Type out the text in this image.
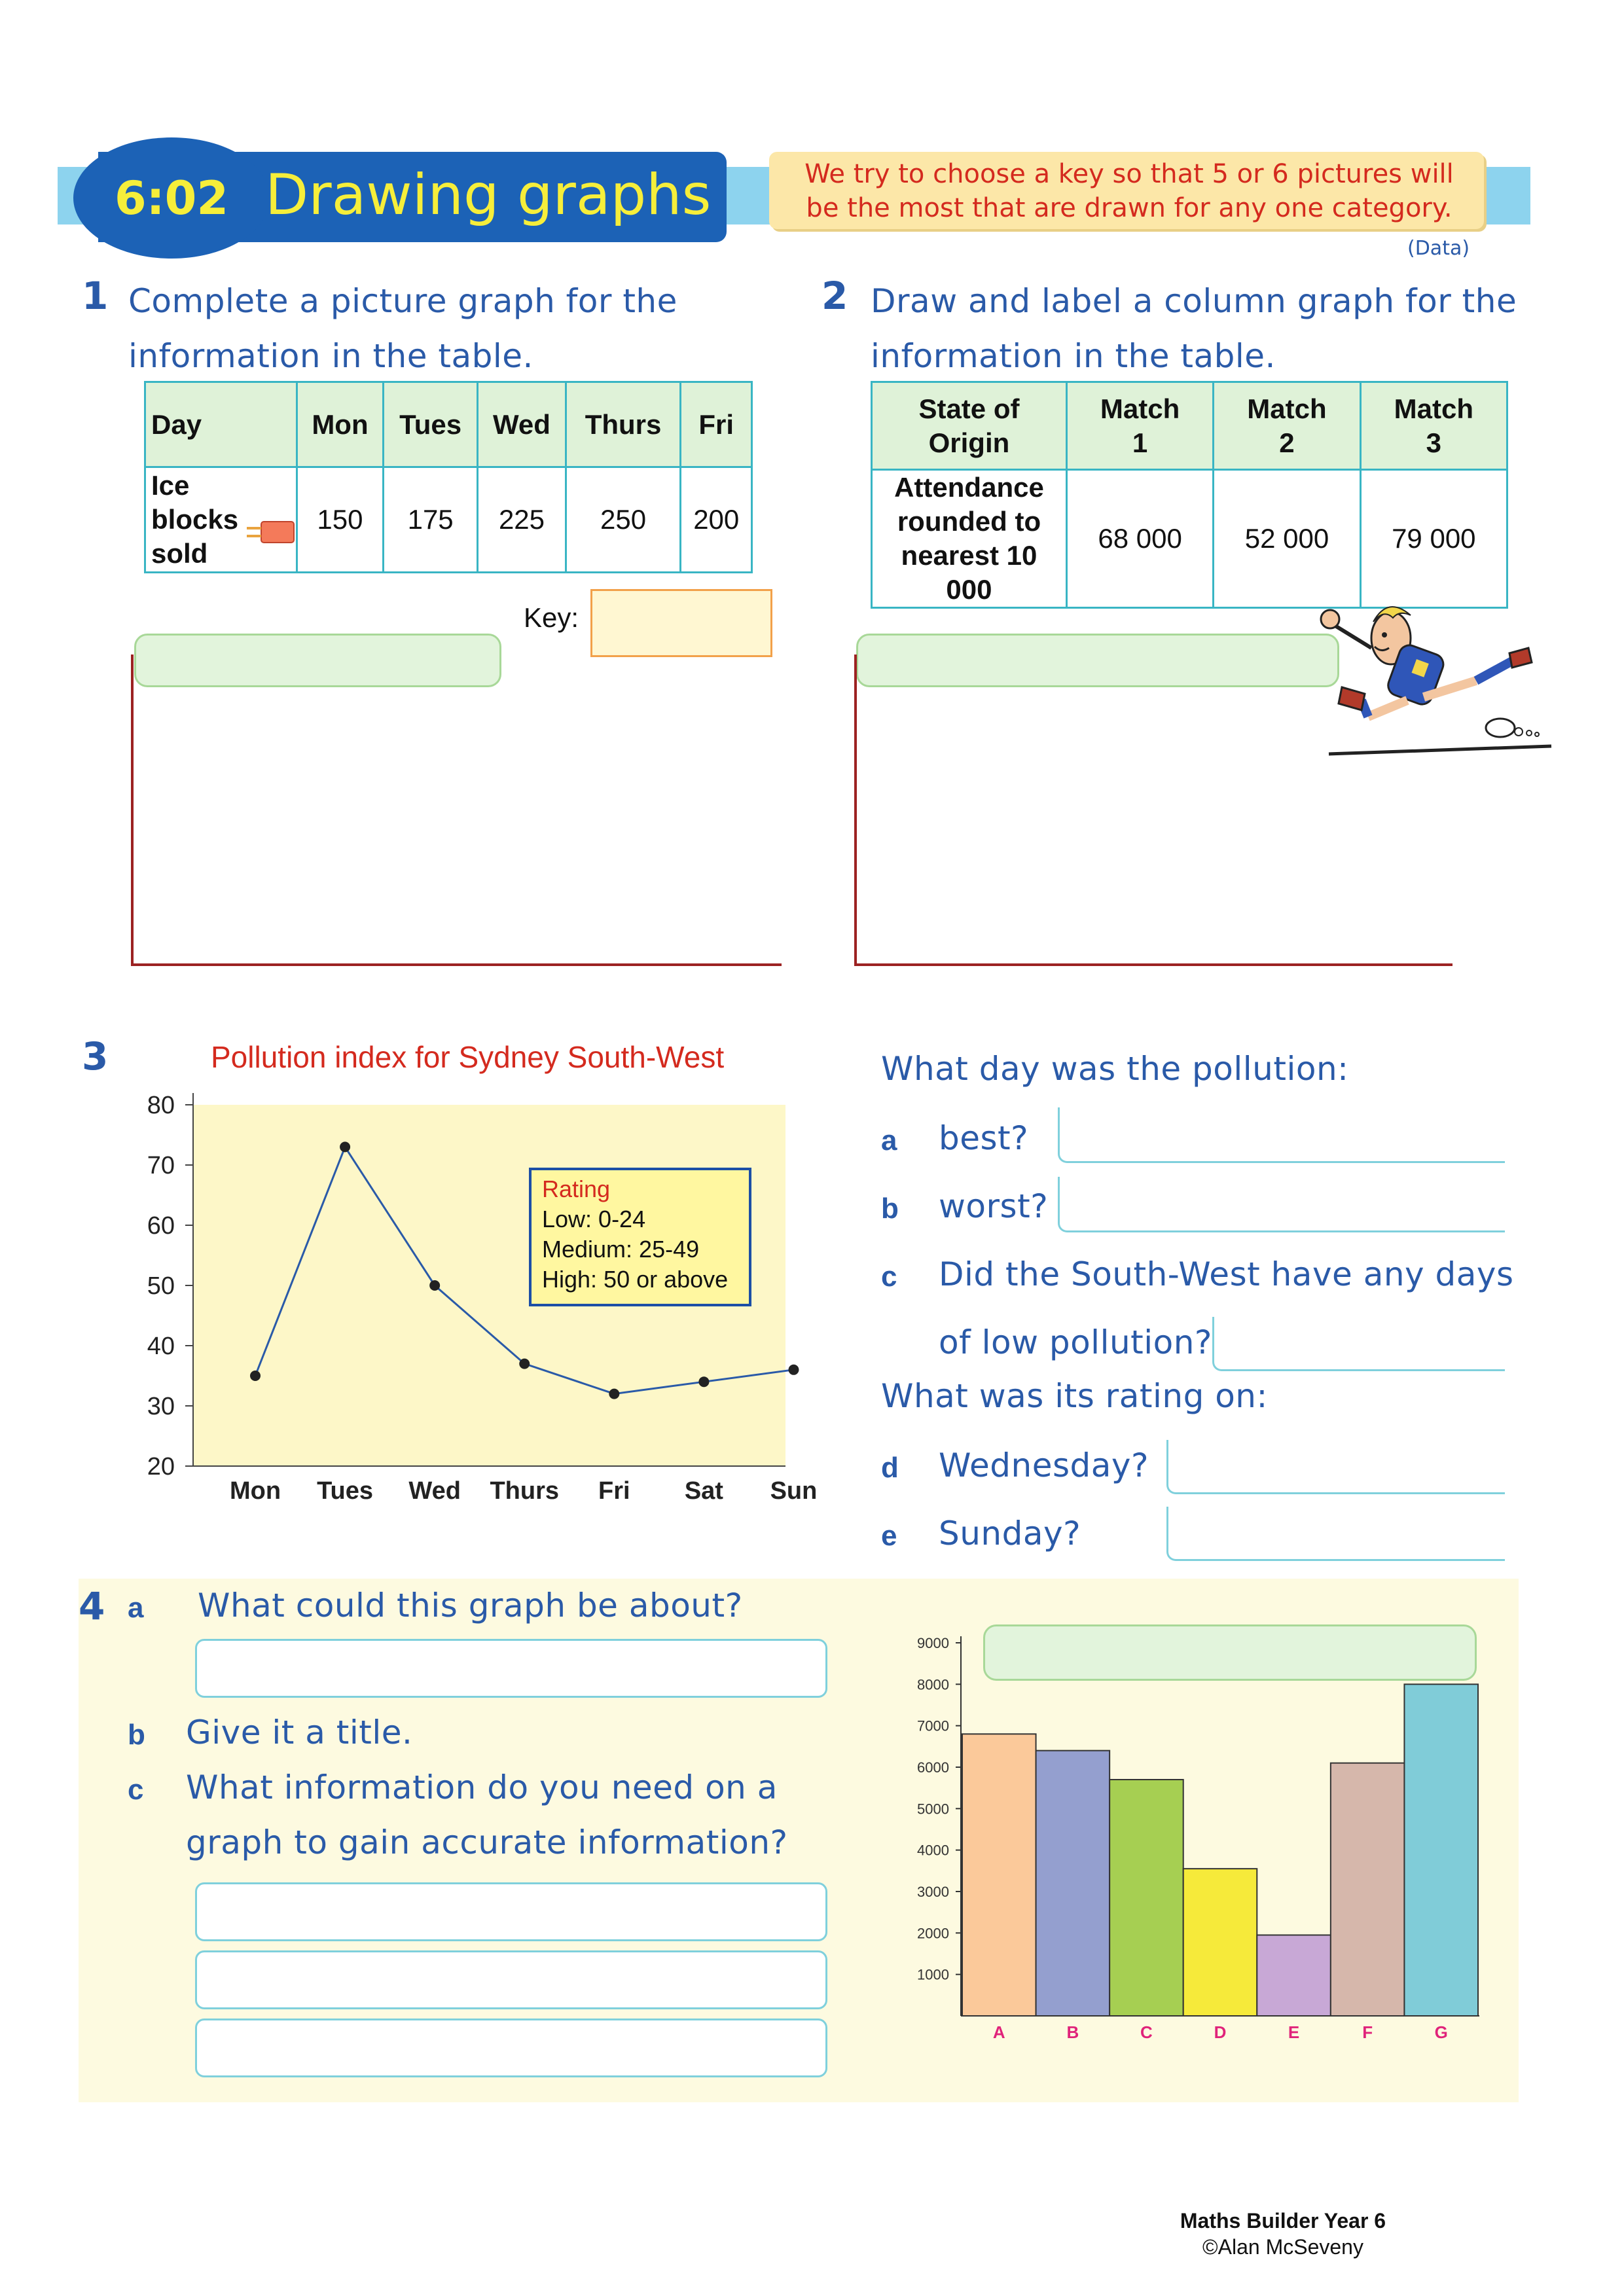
6:02 Drawing graphs	We try to choose a key so that 5 or 6 pictures will be the most that are drawn for any one category.
(Data)
1 Complete a picture graph for the information in the table.
Day	Mon	Tues	Wed	Thurs	Fri

Ice blocks sold	150	175	225	250	200
Key:
2 Draw and label a column graph for the information in the table.
State of Origin	Match 1	Match 2	Match 3
Attendance rounded to nearest 10 000	68 000	52 000	79 000
3	Pollution index for Sydney South-West
20
30
40
50
60
70
80
Mon Tues Wed Thurs Fri Sat Sun
Rating
Low: 0-24
Medium: 25-49
High: 50 or above
What day was the pollution:
a best?
b worst?
c Did the South-West have any days
of low pollution?
What was its rating on:
d Wednesday?
e Sunday?
4 a What could this graph be about?
b Give it a title.
c What information do you need on a
graph to gain accurate information?
1000
2000
3000
4000
5000
6000
7000
8000
9000
A	B	C	D	E	F	G
Maths Builder Year 6
©Alan McSeveny
